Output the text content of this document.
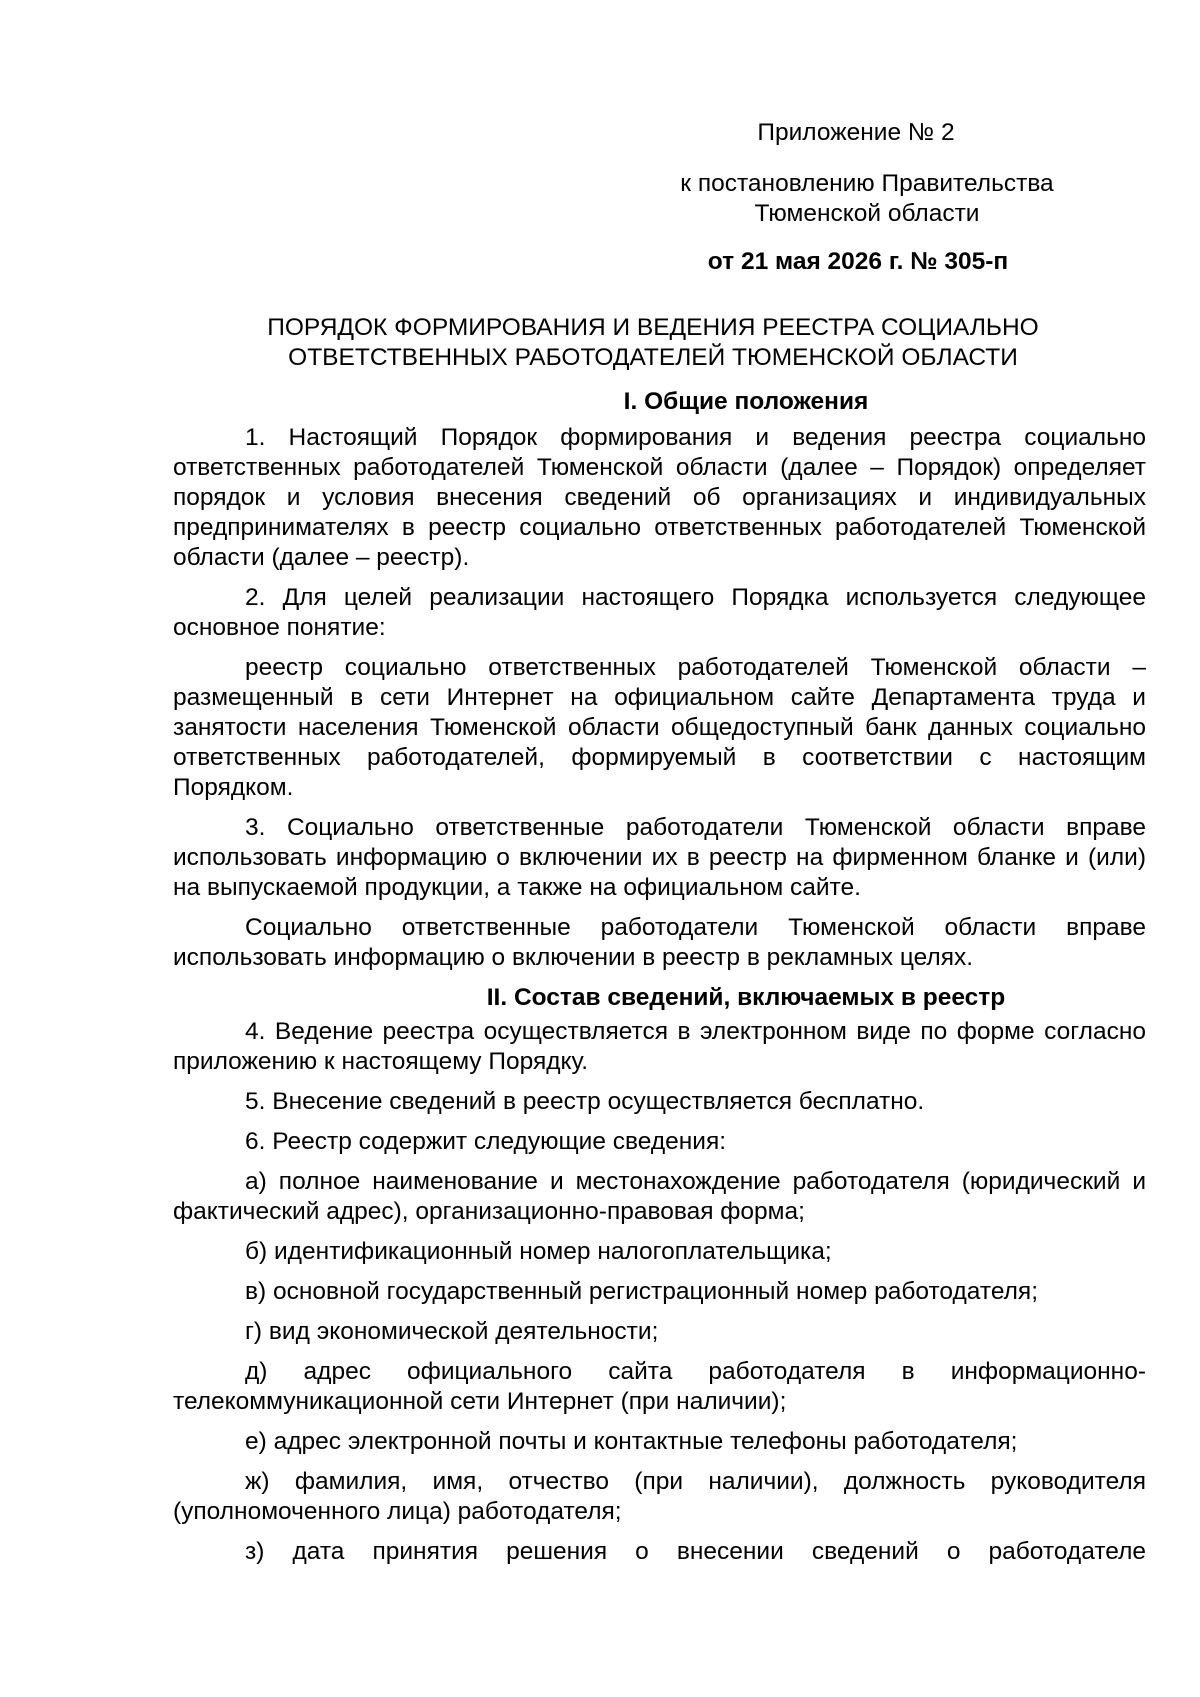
Приложение № 2
к постановлению Правительства
Тюменской области
от 21 мая 2026 г. № 305-п
ПОРЯДОК ФОРМИРОВАНИЯ И ВЕДЕНИЯ РЕЕСТРА СОЦИАЛЬНО
ОТВЕТСТВЕННЫХ РАБОТОДАТЕЛЕЙ ТЮМЕНСКОЙ ОБЛАСТИ
I. Общие положения

1. Настоящий Порядок формирования и ведения реестра социально ответственных работодателей Тюменской области (далее – Порядок) определяет порядок и условия внесения сведений об организациях и индивидуальных предпринимателях в реестр социально ответственных работодателей Тюменской области (далее – реестр).

2. Для целей реализации настоящего Порядка используется следующее основное понятие:

реестр социально ответственных работодателей Тюменской области – размещенный в сети Интернет на официальном сайте Департамента труда и занятости населения Тюменской области общедоступный банк данных социально ответственных работодателей, формируемый в соответствии с настоящим Порядком.

3. Социально ответственные работодатели Тюменской области вправе использовать информацию о включении их в реестр на фирменном бланке и (или) на выпускаемой продукции, а также на официальном сайте.

Социально ответственные работодатели Тюменской области вправе использовать информацию о включении в реестр в рекламных целях.

II. Состав сведений, включаемых в реестр

4. Ведение реестра осуществляется в электронном виде по форме согласно приложению к настоящему Порядку.

5. Внесение сведений в реестр осуществляется бесплатно.

6. Реестр содержит следующие сведения:

а) полное наименование и местонахождение работодателя (юридический и фактический адрес), организационно-правовая форма;

б) идентификационный номер налогоплательщика;

в) основной государственный регистрационный номер работодателя;

г) вид экономической деятельности;

д) адрес официального сайта работодателя в информационно-телекоммуникационной сети Интернет (при наличии);

е) адрес электронной почты и контактные телефоны работодателя;

ж) фамилия, имя, отчество (при наличии), должность руководителя (уполномоченного лица) работодателя;

з) дата принятия решения о внесении сведений о работодателе
